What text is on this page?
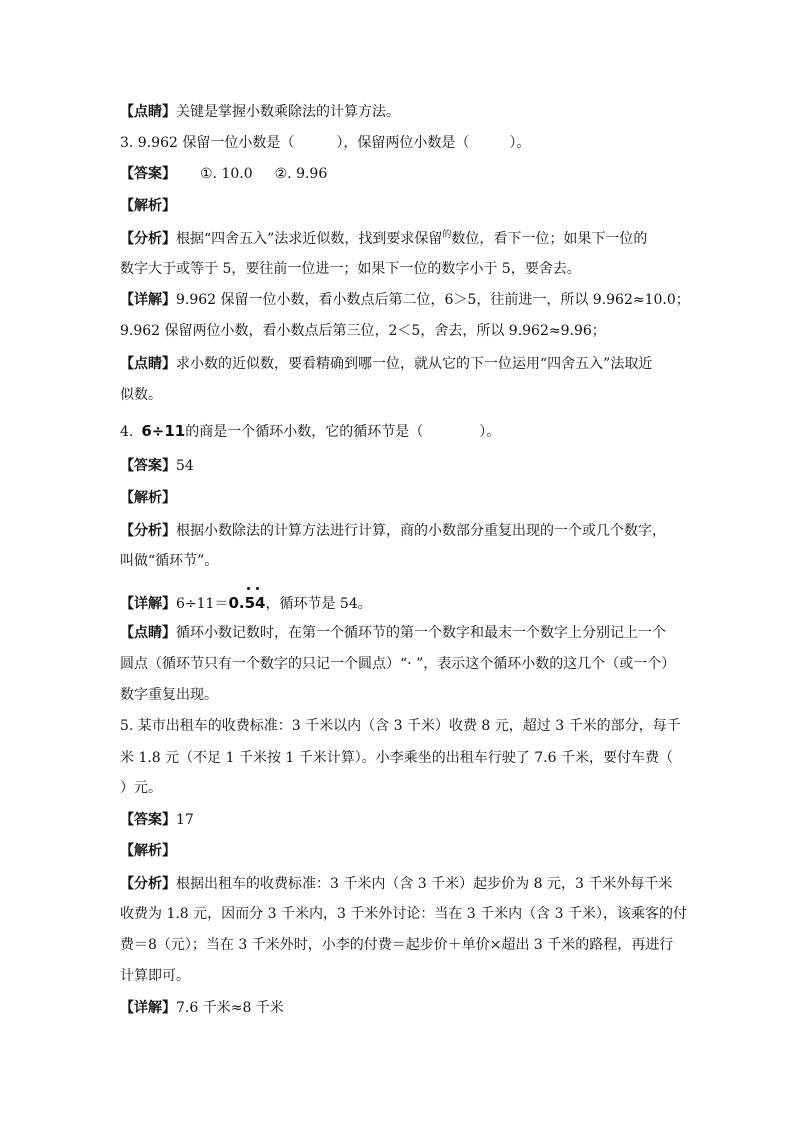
【点睛】关键是掌握小数乘除法的计算方法。
3. 9.962 保留一位小数是（	），保留两位小数是（	）。
【答案】 ①. 10.0 ②. 9.96
【解析】
【分析】根据“四舍五入”法求近似数，找到要求保留$^的$数位，看下一位；如果下一位的
数字大于或等于 5，要往前一位进一；如果下一位的数字小于 5，要舍去。
【详解】9.962 保留一位小数，看小数点后第二位，6＞5，往前进一，所以 9.962≈10.0；
9.962 保留两位小数，看小数点后第三位，2＜5，舍去，所以 9.962≈9.96；
【点睛】求小数的近似数，要看精确到哪一位，就从它的下一位运用“四舍五入”法取近
似数。
4. 6÷11的商是一个循环小数，它的循环节是（	）。
【答案】54
【解析】
【分析】根据小数除法的计算方法进行计算，商的小数部分重复出现的一个或几个数字，
叫做“循环节”。
【详解】6÷11＝0.54
，循环节是 54。
【点睛】循环小数记数时，在第一个循环节的第一个数字和最末一个数字上分别记上一个
圆点（循环节只有一个数字的只记一个圆点）“· ”，表示这个循环小数的这几个（或一个）
数字重复出现。
5. 某市出租车的收费标准：3 千米以内（含 3 千米）收费 8 元，超过 3 千米的部分，每千
米 1.8 元（不足 1 千米按 1 千米计算）。小李乘坐的出租车行驶了 7.6 千米，要付车费（
）元。
【答案】17
【解析】
【分析】根据出租车的收费标准：3 千米内（含 3 千米）起步价为 8 元，3 千米外每千米
收费为 1.8 元，因而分 3 千米内，3 千米外讨论：当在 3 千米内（含 3 千米），该乘客的付
费＝8（元）；当在 3 千米外时，小李的付费＝起步价＋单价×超出 3 千米的路程，再进行
计算即可。
【详解】7.6 千米≈8 千米
